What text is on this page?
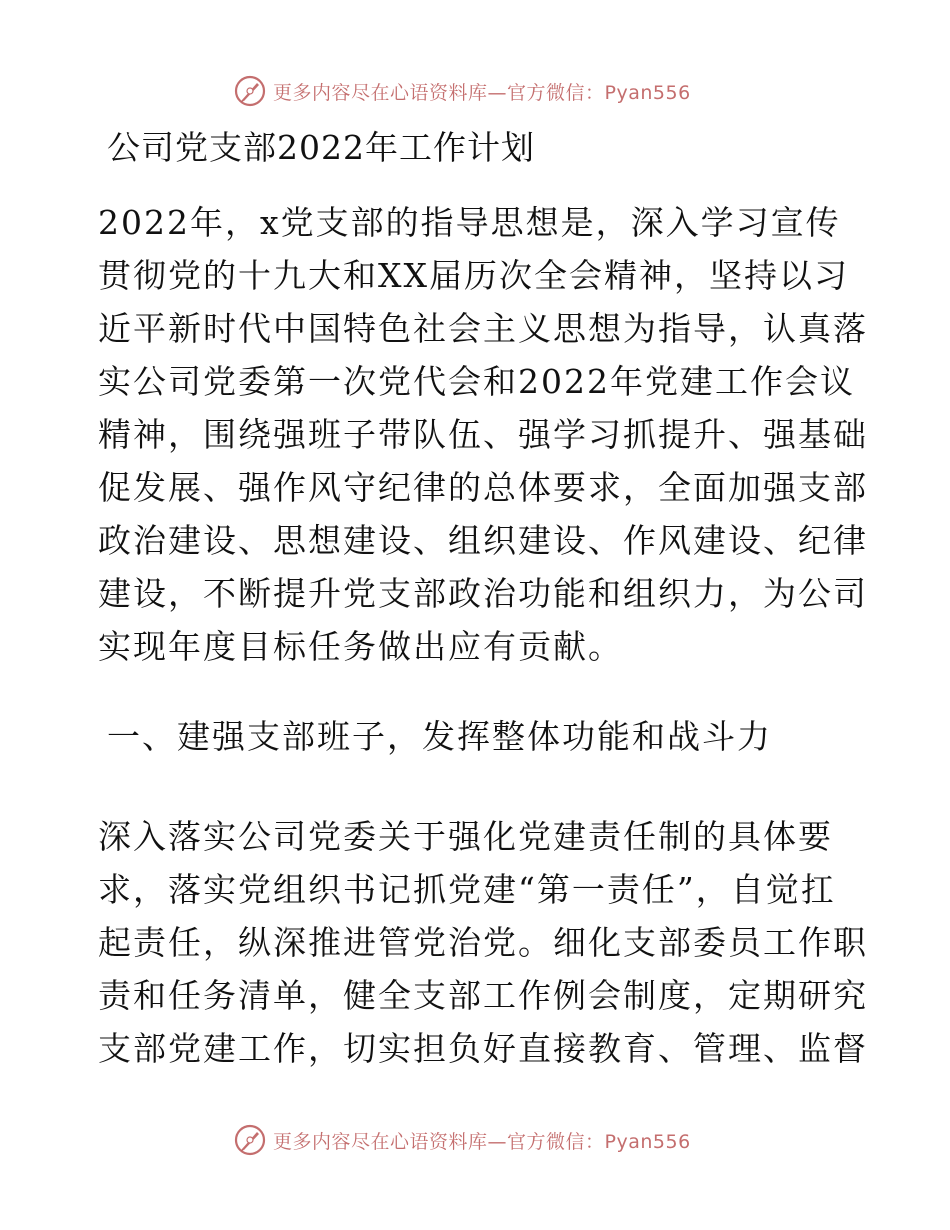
更多内容尽在心语资料库—官方微信：Pyan556
公司党支部2022年工作计划
2022年，x党支部的指导思想是，深入学习宣传
贯彻党的十九大和XX届历次全会精神，坚持以习
近平新时代中国特色社会主义思想为指导，认真落
实公司党委第一次党代会和2022年党建工作会议
精神，围绕强班子带队伍、强学习抓提升、强基础
促发展、强作风守纪律的总体要求，全面加强支部
政治建设、思想建设、组织建设、作风建设、纪律
建设，不断提升党支部政治功能和组织力，为公司
实现年度目标任务做出应有贡献。
一、建强支部班子，发挥整体功能和战斗力
深入落实公司党委关于强化党建责任制的具体要
求，落实党组织书记抓党建“第一责任”，自觉扛
起责任，纵深推进管党治党。细化支部委员工作职
责和任务清单，健全支部工作例会制度，定期研究
支部党建工作，切实担负好直接教育、管理、监督
更多内容尽在心语资料库—官方微信：Pyan556
